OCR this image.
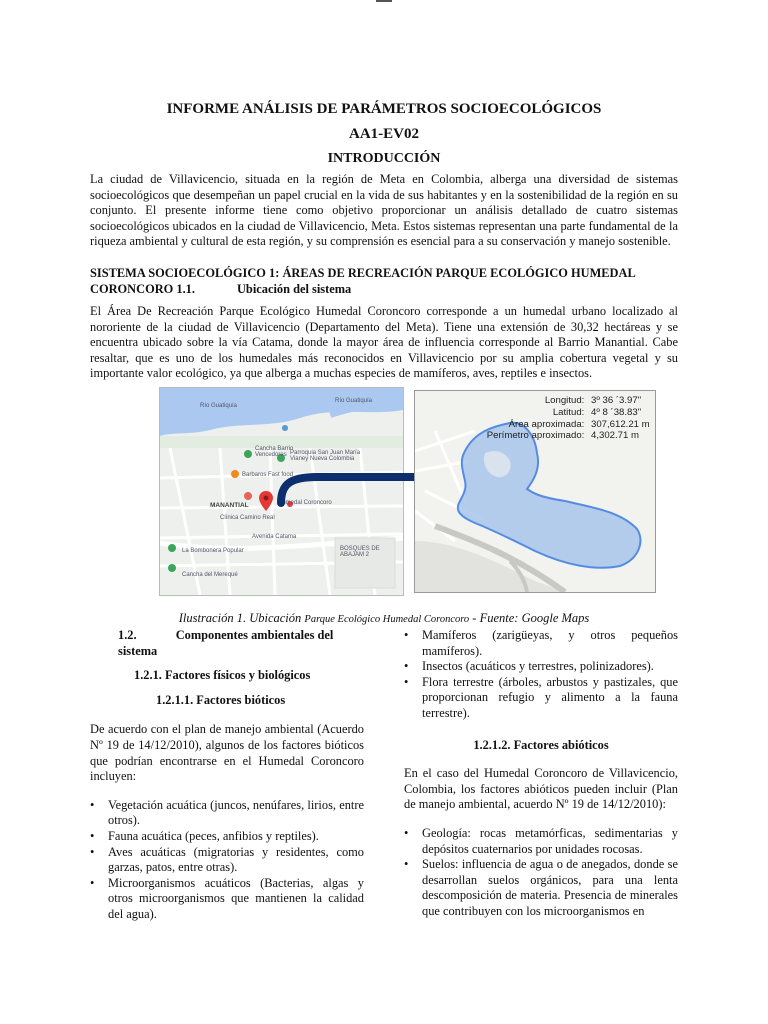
INFORME ANÁLISIS DE PARÁMETROS SOCIOECOLÓGICOS
AA1-EV02
INTRODUCCIÓN

La ciudad de Villavicencio, situada en la región de Meta en Colombia, alberga una diversidad de sistemas socioecológicos que desempeñan un papel crucial en la vida de sus habitantes y en la sostenibilidad de la región en su conjunto. El presente informe tiene como objetivo proporcionar un análisis detallado de cuatro sistemas socioecológicos ubicados en la ciudad de Villavicencio, Meta. Estos sistemas representan una parte fundamental de la riqueza ambiental y cultural de esta región, y su comprensión es esencial para a su conservación y manejo sostenible.

SISTEMA SOCIOECOLÓGICO 1: ÁREAS DE RECREACIÓN PARQUE ECOLÓGICO HUMEDAL
CORONCORO 1.1.	Ubicación del sistema

El Área De Recreación Parque Ecológico Humedal Coroncoro corresponde a un humedal urbano localizado al nororiente de la ciudad de Villavicencio (Departamento del Meta). Tiene una extensión de 30,32 hectáreas y se encuentra ubicado sobre la vía Catama, donde la mayor área de influencia corresponde al Barrio Manantial. Cabe resaltar, que es uno de los humedales más reconocidos en Villavicencio por su amplia cobertura vegetal y su importante valor ecológico, ya que alberga a muchas especies de mamíferos, aves, reptiles e insectos.

Río Guatiquía
Río Guatiquía
Cancha Barrio Vencedores Parroquia San Juan María Vianey Nueva Colombia
Barbaros Fast food
MANANTIAL	Humedal Coroncoro
Clínica Camino Real
Avenida Catama
BOSQUES DE ABAJAM 2
La Bombonera Popular
Cancha del Merequé
Longitud: 3º 36 ´3.97"
Latitud: 4º 8 ´38.83"
Área aproximada: 307,612.21 m
Perímetro aproximado: 4,302.71 m
Ilustración 1. Ubicación Parque Ecológico Humedal Coroncoro - Fuente: Google Maps
1.2.	Componentes ambientales del sistema
1.2.1. Factores físicos y biológicos
1.2.1.1. Factores bióticos

De acuerdo con el plan de manejo ambiental (Acuerdo Nº 19 de 14/12/2010), algunos de los factores bióticos que podrían encontrarse en el Humedal Coroncoro incluyen:

• Vegetación acuática (juncos, nenúfares, lirios, entre otros).
• Fauna acuática (peces, anfibios y reptiles).
• Aves acuáticas (migratorias y residentes, como garzas, patos, entre otras).
• Microorganismos acuáticos (Bacterias, algas y otros microorganismos que mantienen la calidad del agua).
• Mamíferos (zarigüeyas, y otros pequeños mamíferos).
• Insectos (acuáticos y terrestres, polinizadores).
• Flora terrestre (árboles, arbustos y pastizales, que proporcionan refugio y alimento a la fauna terrestre).
1.2.1.2. Factores abióticos

En el caso del Humedal Coroncoro de Villavicencio, Colombia, los factores abióticos pueden incluir (Plan de manejo ambiental, acuerdo Nº 19 de 14/12/2010):

• Geología: rocas metamórficas, sedimentarias y depósitos cuaternarios por unidades rocosas.
• Suelos: influencia de agua o de anegados, donde se desarrollan suelos orgánicos, para una lenta descomposición de materia. Presencia de minerales que contribuyen con los microorganismos en
